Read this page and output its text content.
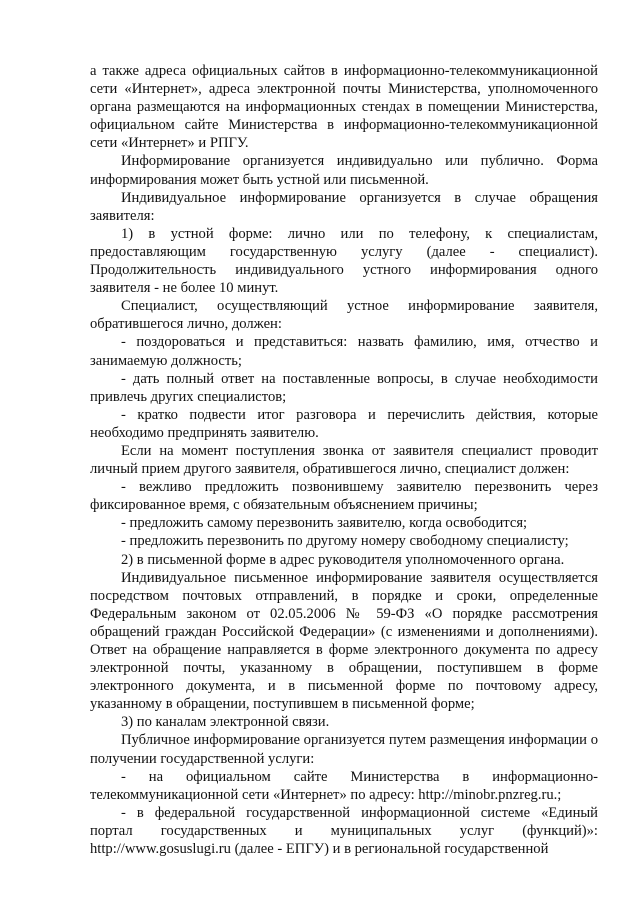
а также адреса официальных сайтов в информационно-телекоммуникационной сети «Интернет», адреса электронной почты Министерства, уполномоченного органа размещаются на информационных стендах в помещении Министерства, официальном сайте Министерства в информационно-телекоммуникационной сети «Интернет» и РПГУ.

Информирование организуется индивидуально или публично. Форма информирования может быть устной или письменной.

Индивидуальное информирование организуется в случае обращения заявителя:

1) в устной форме: лично или по телефону, к специалистам, предоставляющим государственную услугу (далее - специалист). Продолжительность индивидуального устного информирования одного заявителя - не более 10 минут.

Специалист, осуществляющий устное информирование заявителя, обратившегося лично, должен:

- поздороваться и представиться: назвать фамилию, имя, отчество и занимаемую должность;

- дать полный ответ на поставленные вопросы, в случае необходимости привлечь других специалистов;

- кратко подвести итог разговора и перечислить действия, которые необходимо предпринять заявителю.

Если на момент поступления звонка от заявителя специалист проводит личный прием другого заявителя, обратившегося лично, специалист должен:

- вежливо предложить позвонившему заявителю перезвонить через фиксированное время, с обязательным объяснением причины;

- предложить самому перезвонить заявителю, когда освободится;

- предложить перезвонить по другому номеру свободному специалисту;

2) в письменной форме в адрес руководителя уполномоченного органа.

Индивидуальное письменное информирование заявителя осуществляется посредством почтовых отправлений, в порядке и сроки, определенные Федеральным законом от 02.05.2006 № 59-ФЗ «О порядке рассмотрения обращений граждан Российской Федерации» (с изменениями и дополнениями). Ответ на обращение направляется в форме электронного документа по адресу электронной почты, указанному в обращении, поступившем в форме электронного документа, и в письменной форме по почтовому адресу, указанному в обращении, поступившем в письменной форме;

3) по каналам электронной связи.

Публичное информирование организуется путем размещения информации о получении государственной услуги:

- на официальном сайте Министерства в информационно-телекоммуникационной сети «Интернет» по адресу: http://minobr.pnzreg.ru.;

- в федеральной государственной информационной системе «Единый портал государственных и муниципальных услуг (функций)»: http://www.gosuslugi.ru (далее - ЕПГУ) и в региональной государственной
